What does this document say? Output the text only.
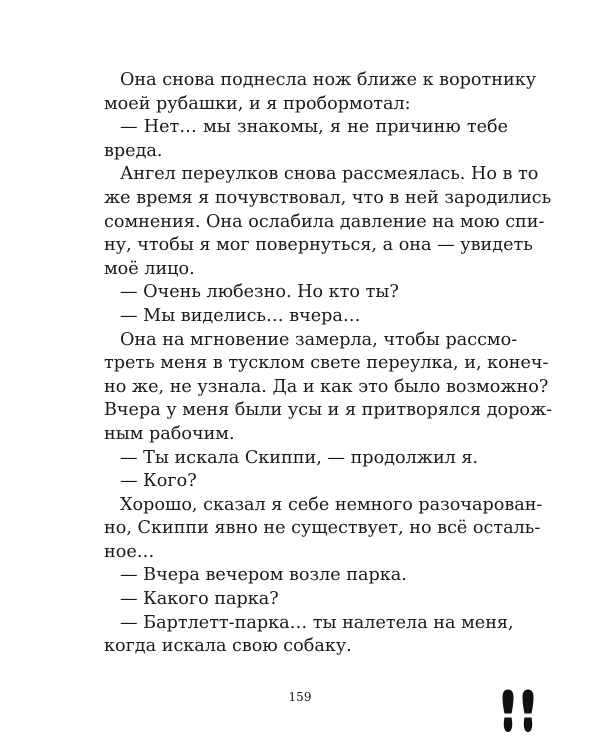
Она снова поднесла нож ближе к воротнику
моей рубашки, и я пробормотал:
— Нет… мы знакомы, я не причиню тебе
вреда.
Ангел переулков снова рассмеялась. Но в то
же время я почувствовал, что в ней зародились
сомнения. Она ослабила давление на мою спи-
ну, чтобы я мог повернуться, а она — увидеть
моё лицо.
— Очень любезно. Но кто ты?
— Мы виделись… вчера…
Она на мгновение замерла, чтобы рассмо-
треть меня в тусклом свете переулка, и, конеч-
но же, не узнала. Да и как это было возможно?
Вчера у меня были усы и я притворялся дорож-
ным рабочим.
— Ты искала Скиппи, — продолжил я.
— Кого?
Хорошо, сказал я себе немного разочарован-
но, Скиппи явно не существует, но всё осталь-
ное…
— Вчера вечером возле парка.
— Какого парка?
— Бартлетт-парка… ты налетела на меня,
когда искала свою собаку.
159
